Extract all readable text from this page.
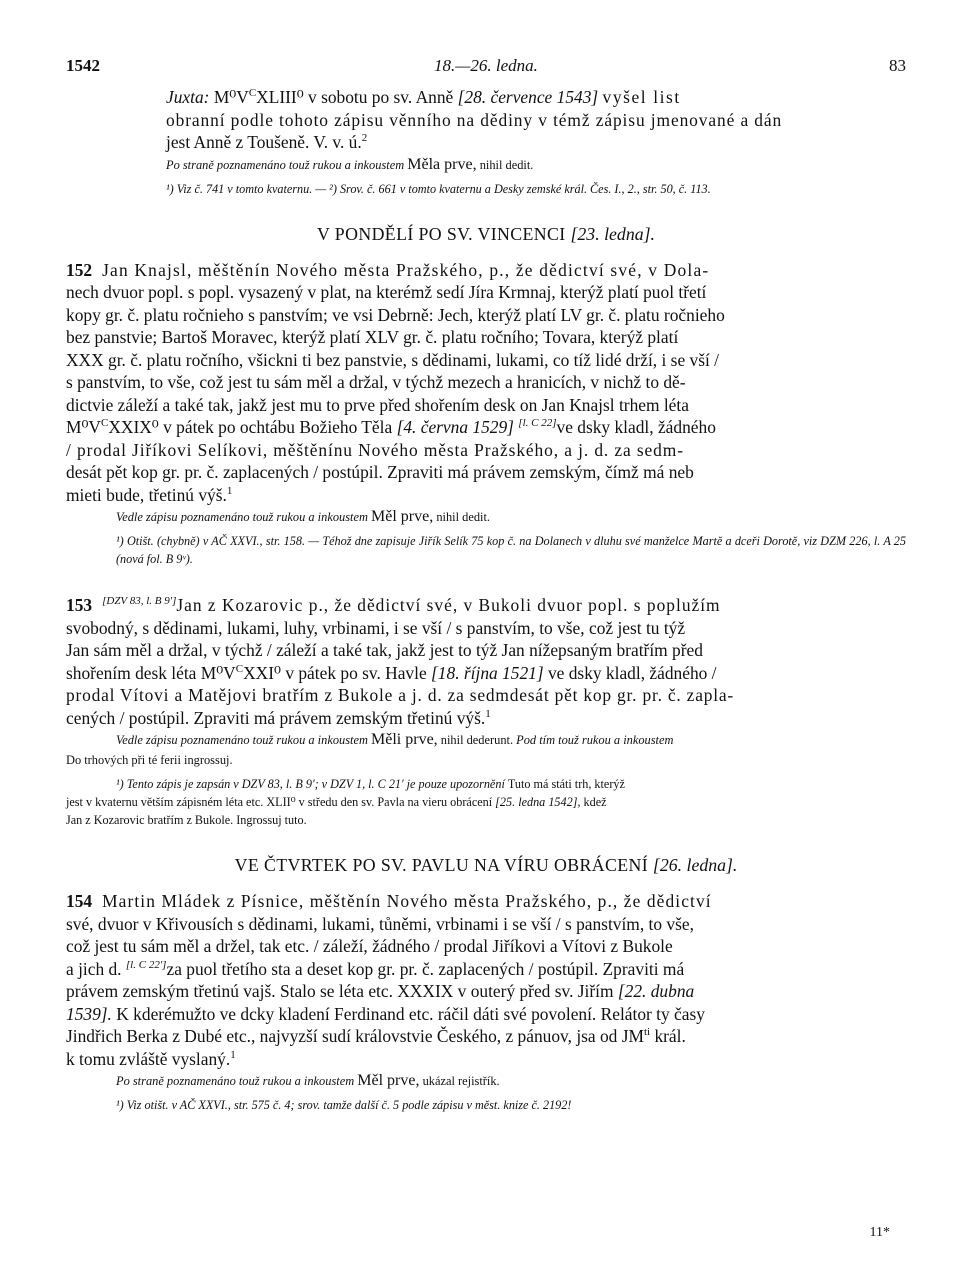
1542	18.—26. ledna.	83
Juxta: $M^0V^CXLIII^0$ v sobotu po sv. Anně [28. července 1543] vyšel list
obranní podle tohoto zápisu věnního na dědiny v témž zápisu jmenované a dán
jest Anně z Toušeně. V. v. ú.$^2$
Po straně poznamenáno touž rukou a inkoustem Měla prve, nihil dedit.
¹) Viz č. 741 v tomto kvaternu. — ²) Srov. č. 661 v tomto kvaternu a Desky zemské král. Čes. I., 2., str. 50, č. 113.
V PONDĚLÍ PO SV. VINCENCI [23. ledna].
152 Jan Knajsl, měštěnín Nového města Pražského, p., že dědictví své, v Dola-
nech dvuor popl. s popl. vysazený v plat, na kterémž sedí Jíra Krmnaj, kterýž platí puol třetí
kopy gr. č. platu ročnieho s panstvím; ve vsi Debrně: Jech, kterýž platí LV gr. č. platu ročnieho
bez panstvie; Bartoš Moravec, kterýž platí XLV gr. č. platu ročního; Tovara, kterýž platí
XXX gr. č. platu ročního, všickni ti bez panstvie, s dědinami, lukami, co tíž lidé drží, i se vší /
s panstvím, to vše, což jest tu sám měl a držal, v týchž mezech a hranicích, v nichž to dě-
dictvie záleží a také tak, jakž jest mu to prve před shořením desk on Jan Knajsl trhem léta
$M^0V^CXXIX^0$ v pátek po ochtábu Božieho Těla [4. června 1529] [l. C 22]ve dsky kladl, žádného
/ prodal Jiříkovi Selíkovi, měštěnínu Nového města Pražského, a j. d. za sedm-
desát pět kop gr. pr. č. zaplacených / postúpil. Zpraviti má právem zemským, čímž má neb
mieti bude, třetinú výš.$^1$
Vedle zápisu poznamenáno touž rukou a inkoustem Měl prve, nihil dedit.
¹) Otišt. (chybně) v AČ XXVI., str. 158. — Téhož dne zapisuje Jiřík Selík 75 kop č. na Dolanech v dluhu své manželce Martě a dceři Dorotě, viz DZM 226, l. A 25 (nová fol. B 9ᵛ).
153 [DZV 83, l. B 9']Jan z Kozarovic p., že dědictví své, v Bukoli dvuor popl. s poplužím
svobodný, s dědinami, lukami, luhy, vrbinami, i se vší / s panstvím, to vše, což jest tu týž
Jan sám měl a držal, v týchž / záleží a také tak, jakž jest to týž Jan nížepsaným bratřím před
shořením desk léta $M^0V^CXXI^0$ v pátek po sv. Havle [18. října 1521] ve dsky kladl, žádného /
prodal Vítovi a Matějovi bratřím z Bukole a j. d. za sedmdesát pět kop gr. pr. č. zapla-
cených / postúpil. Zpraviti má právem zemským třetinú výš.$^1$
Vedle zápisu poznamenáno touž rukou a inkoustem Měli prve, nihil dederunt. Pod tím touž rukou a inkoustem
Do trhových při té ferii ingrossuj.
¹) Tento zápis je zapsán v DZV 83, l. B 9'; v DZV 1, l. C 21' je pouze upozornění Tuto má státi trh, kterýž
jest v kvaternu větším zápisném léta etc. XLII⁰ v středu den sv. Pavla na vieru obrácení [25. ledna 1542], kdež
Jan z Kozarovic bratřím z Bukole. Ingrossuj tuto.
VE ČTVRTEK PO SV. PAVLU NA VÍRU OBRÁCENÍ [26. ledna].
154 Martin Mládek z Písnice, měštěnín Nového města Pražského, p., že dědictví
své, dvuor v Křivousích s dědinami, lukami, tůněmi, vrbinami i se vší / s panstvím, to vše,
což jest tu sám měl a držel, tak etc. / záleží, žádného / prodal Jiříkovi a Vítovi z Bukole
a jich d. [l. C 22']za puol třetího sta a deset kop gr. pr. č. zaplacených / postúpil. Zpraviti má
právem zemským třetinú vajš. Stalo se léta etc. XXXIX v outerý před sv. Jiřím [22. dubna
1539]. K kderémužto ve dcky kladení Ferdinand etc. ráčil dáti své povolení. Relátor ty časy
Jindřich Berka z Dubé etc., najvyzší sudí královstvie Českého, z pánuov, jsa od $JM^{ti}$ král.
k tomu zvláště vyslaný.$^1$
Po straně poznamenáno touž rukou a inkoustem Měl prve, ukázal rejistřík.
¹) Viz otišt. v AČ XXVI., str. 575 č. 4; srov. tamže další č. 5 podle zápisu v měst. knize č. 2192!
11*
